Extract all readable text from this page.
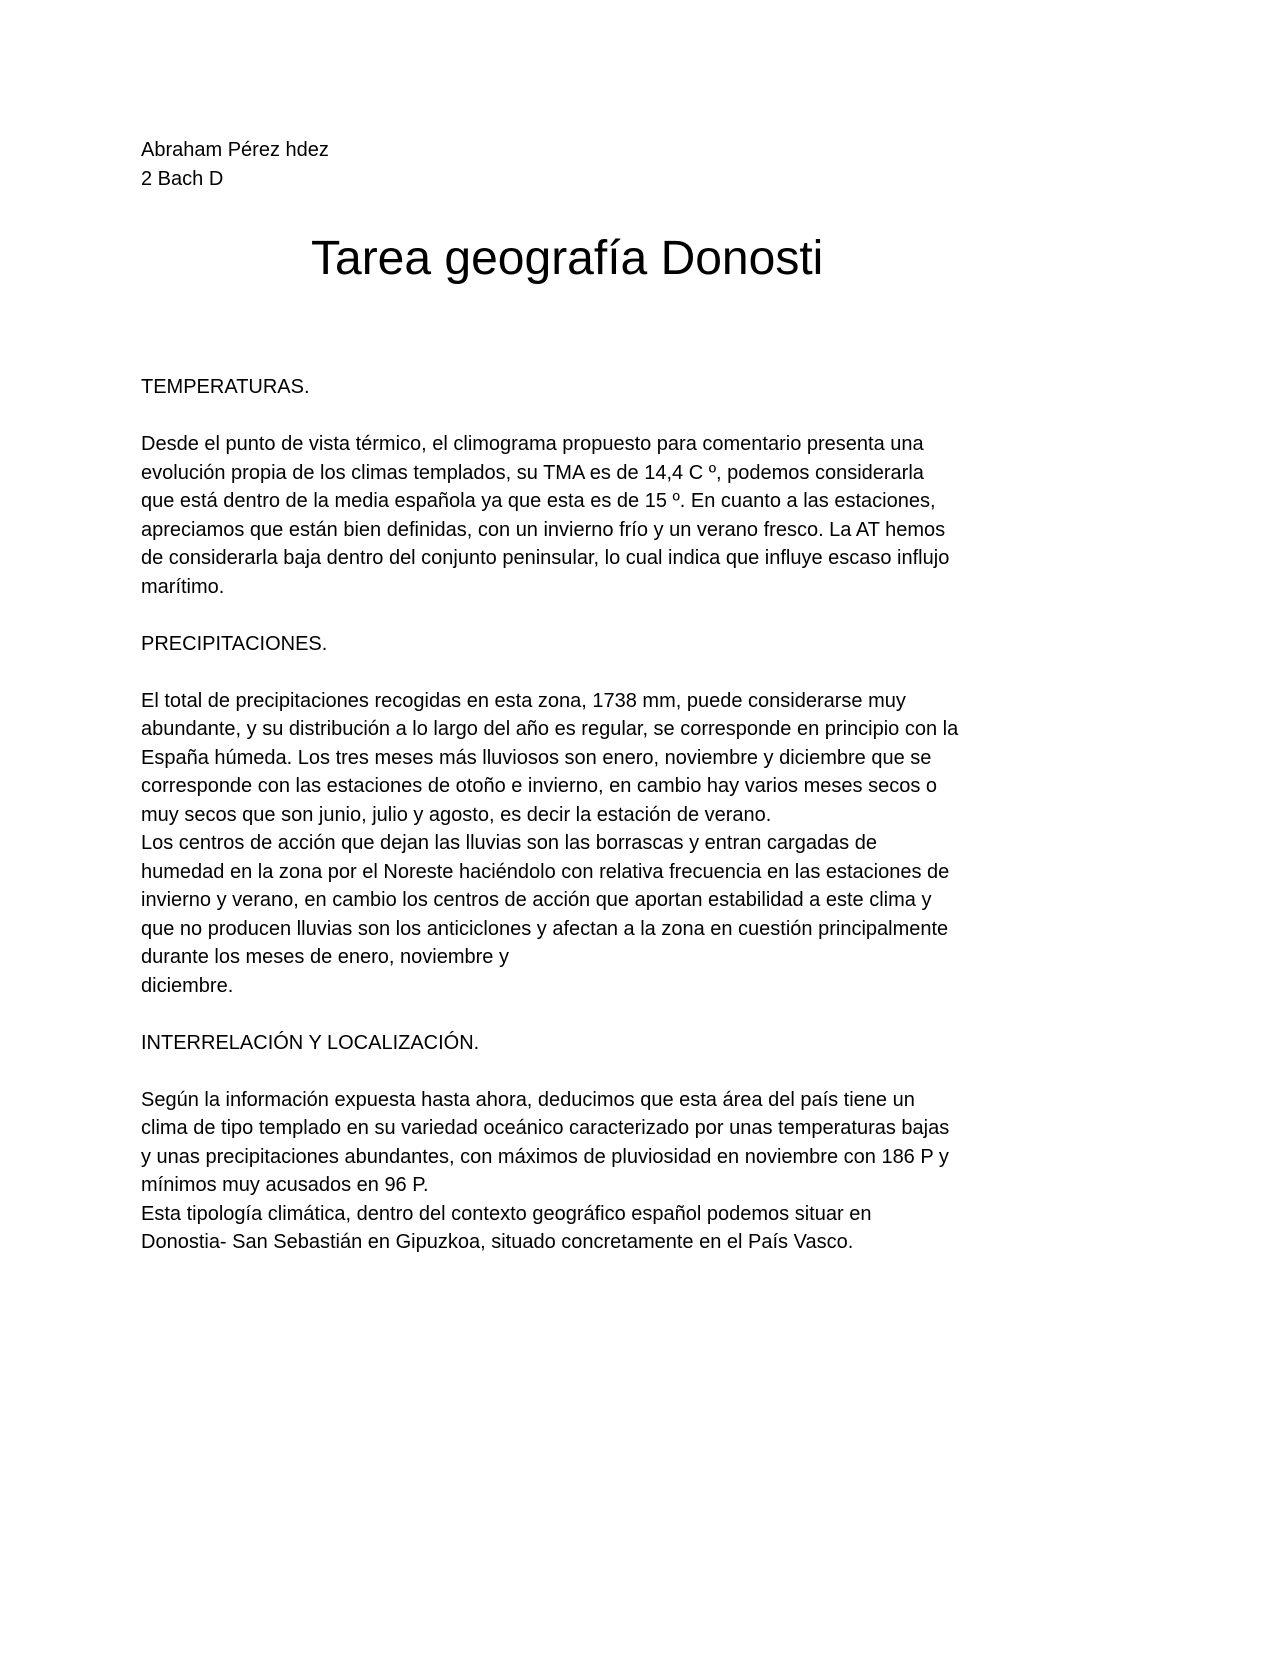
Abraham Pérez hdez
2 Bach D
Tarea geografía Donosti
TEMPERATURAS.
Desde el punto de vista térmico, el climograma propuesto para comentario presenta una
evolución propia de los climas templados, su TMA es de 14,4 C º, podemos considerarla
que está dentro de la media española ya que esta es de 15 º. En cuanto a las estaciones,
apreciamos que están bien definidas, con un invierno frío y un verano fresco. La AT hemos
de considerarla baja dentro del conjunto peninsular, lo cual indica que influye escaso influjo
marítimo.
PRECIPITACIONES.
El total de precipitaciones recogidas en esta zona, 1738 mm, puede considerarse muy
abundante, y su distribución a lo largo del año es regular, se corresponde en principio con la
España húmeda. Los tres meses más lluviosos son enero, noviembre y diciembre que se
corresponde con las estaciones de otoño e invierno, en cambio hay varios meses secos o
muy secos que son junio, julio y agosto, es decir la estación de verano.
Los centros de acción que dejan las lluvias son las borrascas y entran cargadas de
humedad en la zona por el Noreste haciéndolo con relativa frecuencia en las estaciones de
invierno y verano, en cambio los centros de acción que aportan estabilidad a este clima y
que no producen lluvias son los anticiclones y afectan a la zona en cuestión principalmente
durante los meses de enero, noviembre y
diciembre.
INTERRELACIÓN Y LOCALIZACIÓN.
Según la información expuesta hasta ahora, deducimos que esta área del país tiene un
clima de tipo templado en su variedad oceánico caracterizado por unas temperaturas bajas
y unas precipitaciones abundantes, con máximos de pluviosidad en noviembre con 186 P y
mínimos muy acusados en 96 P.
Esta tipología climática, dentro del contexto geográfico español podemos situar en
Donostia- San Sebastián en Gipuzkoa, situado concretamente en el País Vasco.
